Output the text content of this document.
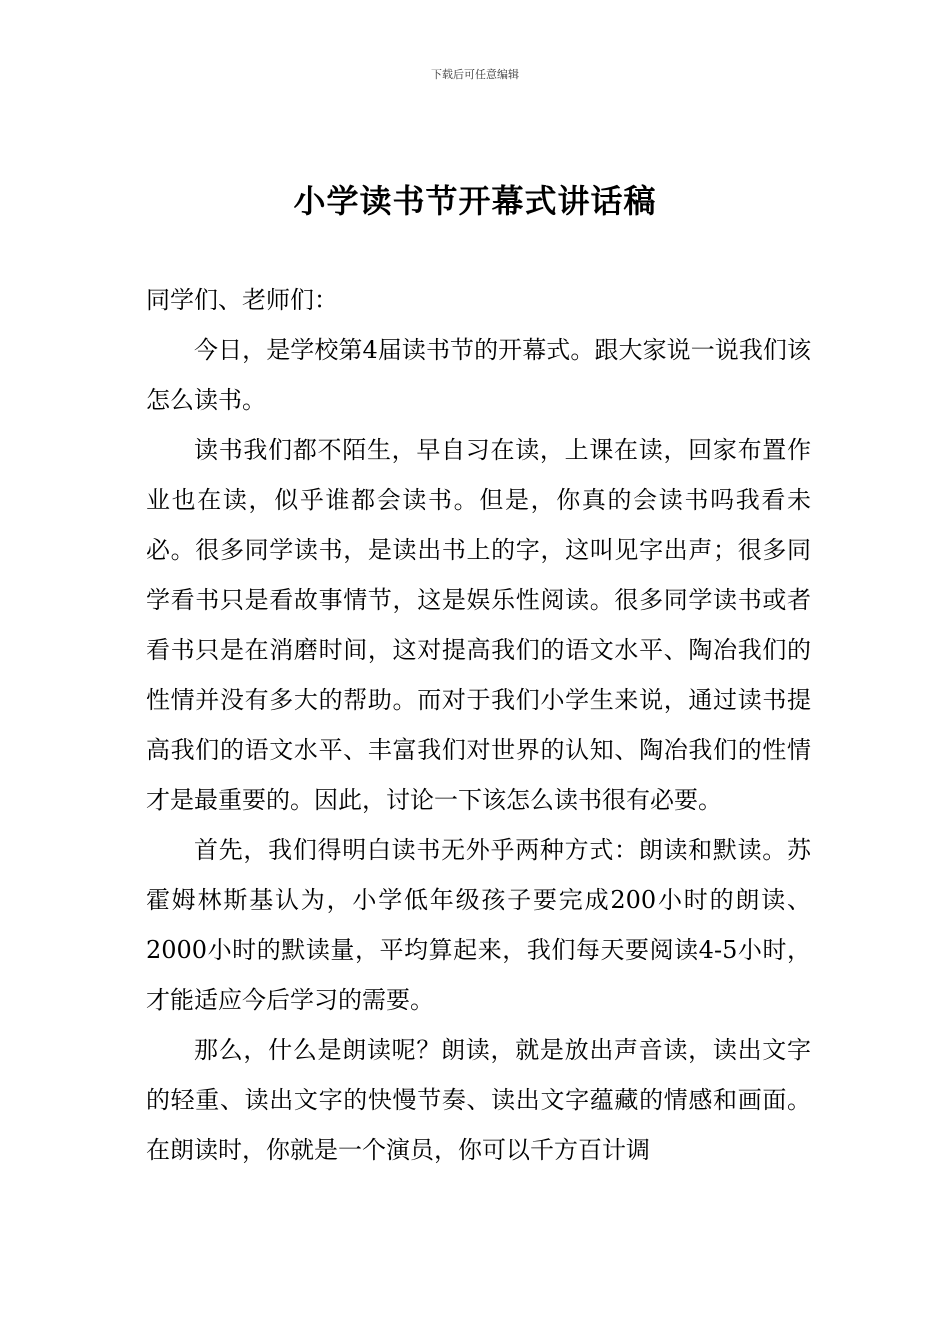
下载后可任意编辑
小学读书节开幕式讲话稿

同学们、老师们：

今日，是学校第4届读书节的开幕式。跟大家说一说我们该怎么读书。

读书我们都不陌生，早自习在读，上课在读，回家布置作业也在读，似乎谁都会读书。但是，你真的会读书吗我看未必。很多同学读书，是读出书上的字，这叫见字出声；很多同学看书只是看故事情节，这是娱乐性阅读。很多同学读书或者看书只是在消磨时间，这对提高我们的语文水平、陶冶我们的性情并没有多大的帮助。而对于我们小学生来说，通过读书提高我们的语文水平、丰富我们对世界的认知、陶冶我们的性情才是最重要的。因此，讨论一下该怎么读书很有必要。

首先，我们得明白读书无外乎两种方式：朗读和默读。苏霍姆林斯基认为，小学低年级孩子要完成200小时的朗读、2000小时的默读量，平均算起来，我们每天要阅读4-5小时，才能适应今后学习的需要。

那么，什么是朗读呢？朗读，就是放出声音读，读出文字的轻重、读出文字的快慢节奏、读出文字蕴藏的情感和画面。在朗读时，你就是一个演员，你可以千方百计调
